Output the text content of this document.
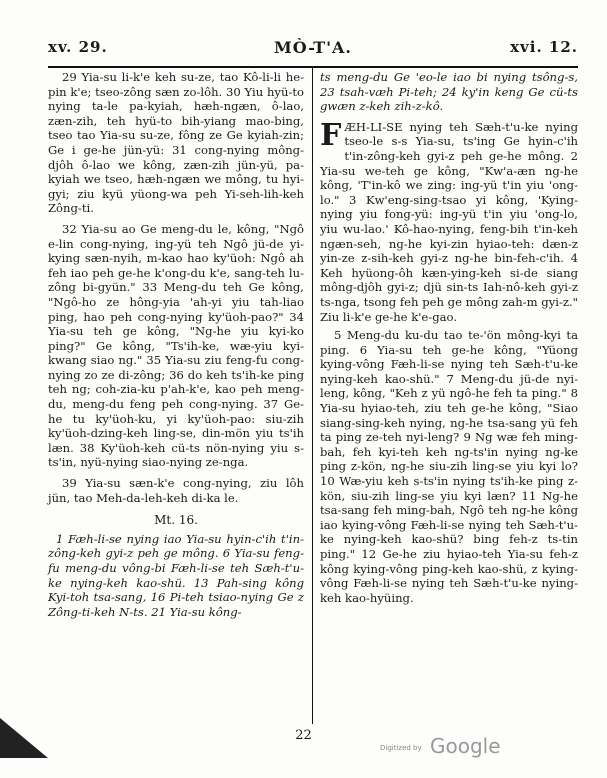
xv. 29.	MÒ-T'A.	xvi. 12.

29 Yia-su li-k'e keh su-ze, tao Kô-li-li he-pin k'e; tseo-zông sæn zo-lôh. 30 Yiu hyü-to nying ta-le pa-kyiah, hæh-ngæn, ô-lao, zæn-zih, teh hyü-to bih-yiang mao-bing, tseo tao Yia-su su-ze, fông ze Ge kyiah-zin; Ge i ge-he jün-yü: 31 cong-nying mông-djôh ô-lao we kông, zæn-zih jün-yü, pa-kyiah we tseo, hæh-ngæn we mông, tu hyi-gyi; ziu kyü yüong-wa peh Yi-seh-lih-keh Zông-ti.

32 Yia-su ao Ge meng-du le, kông, "Ngô e-lin cong-nying, ing-yü teh Ngô jü-de yi-kying sæn-nyih, m-kao hao ky'üoh: Ngô ah feh iao peh ge-he k'ong-du k'e, sang-teh lu-zông bi-gyün." 33 Meng-du teh Ge kông, "Ngô-ho ze hông-yia 'ah-yi yiu tah-liao ping, hao peh cong-nying ky'üoh-pao?" 34 Yia-su teh ge kông, "Ng-he yiu kyi-ko ping?" Ge kông, "Ts'ih-ke, wæ-yiu kyi-kwang siao ng." 35 Yia-su ziu feng-fu cong-nying zo ze di-zông; 36 do keh ts'ih-ke ping teh ng; coh-zia-ku p'ah-k'e, kao peh meng-du, meng-du feng peh cong-nying. 37 Ge-he tu ky'üoh-ku, yi ky'üoh-pao: siu-zih ky'üoh-dzing-keh ling-se, din-mön yiu ts'ih læn. 38 Ky'üoh-keh cü-ts nön-nying yiu s-ts'in, nyü-nying siao-nying ze-nga.

39 Yia-su sæn-k'e cong-nying, ziu lôh jün, tao Meh-da-leh-keh di-ka le.

Mt. 16.

1 Fæh-li-se nying iao Yia-su hyin-c'ih t'in-zông-keh gyi-z peh ge mông. 6 Yia-su feng-fu meng-du vông-bi Fæh-li-se teh Sæh-t'u-ke nying-keh kao-shü. 13 Pah-sing kông Kyi-toh tsa-sang, 16 Pi-teh tsiao-nying Ge z Zông-ti-keh N-ts. 21 Yia-su kông-

ts meng-du Ge 'eo-le iao bi nying tsông-s, 23 tsah-væh Pi-teh; 24 ky'in keng Ge cü-ts gwæn z-keh zih-z-kô.

F ÆH-LI-SE nying teh Sæh-t'u-ke nying tseo-le s-s Yia-su, ts'ing Ge hyin-c'ih t'in-zông-keh gyi-z peh ge-he mông. 2 Yia-su we-teh ge kông, "Kw'a-æn ng-he kông, 'T'in-kô we zing: ing-yü t'in yiu 'ong-lo." 3 Kw'eng-sing-tsao yi kông, 'Kying-nying yiu fong-yü: ing-yü t'in yiu 'ong-lo, yiu wu-lao.' Kô-hao-nying, feng-bih t'in-keh ngæn-seh, ng-he kyi-zin hyiao-teh: dæn-z yin-ze z-sih-keh gyi-z ng-he bin-feh-c'ih. 4 Keh hyüong-ôh kæn-ying-keh si-de siang mông-djôh gyi-z; djü sin-ts Iah-nô-keh gyi-z ts-nga, tsong feh peh ge mông zah-m gyi-z." Ziu li-k'e ge-he k'e-gao.

5 Meng-du ku-du tao te-'ön mông-kyi ta ping. 6 Yia-su teh ge-he kông, "Yüong kying-vông Fæh-li-se nying teh Sæh-t'u-ke nying-keh kao-shü." 7 Meng-du jü-de nyi-leng, kông, "Keh z yü ngô-he feh ta ping." 8 Yia-su hyiao-teh, ziu teh ge-he kông, "Siao siang-sing-keh nying, ng-he tsa-sang yü feh ta ping ze-teh nyi-leng? 9 Ng wæ feh ming-bah, feh kyi-teh keh ng-ts'in nying ng-ke ping z-kön, ng-he siu-zih ling-se yiu kyi lo? 10 Wæ-yiu keh s-ts'in nying ts'ih-ke ping z-kön, siu-zih ling-se yiu kyi læn? 11 Ng-he tsa-sang feh ming-bah, Ngô teh ng-he kông iao kying-vông Fæh-li-se nying teh Sæh-t'u-ke nying-keh kao-shü? bing feh-z ts-tin ping." 12 Ge-he ziu hyiao-teh Yia-su feh-z kông kying-vông ping-keh kao-shü, z kying-vông Fæh-li-se nying teh Sæh-t'u-ke nying-keh kao-hyüing.

22
Digitized by Google
